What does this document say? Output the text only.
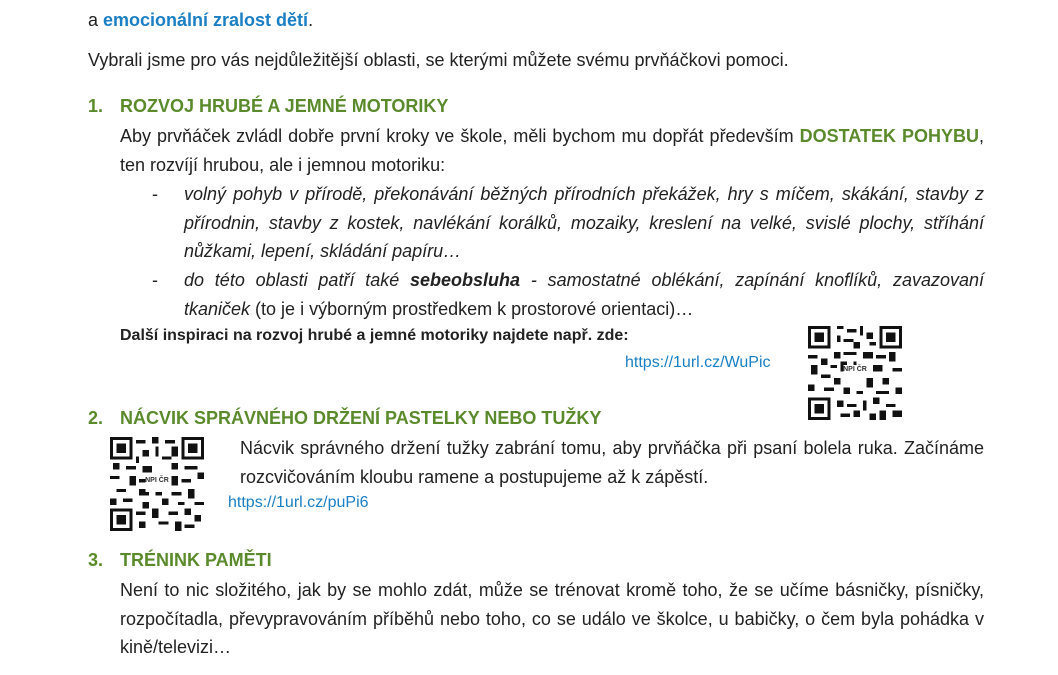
a emocionální zralost dětí.
Vybrali jsme pro vás nejdůležitější oblasti, se kterými můžete svému prvňáčkovi pomoci.
1. ROZVOJ HRUBÉ A JEMNÉ MOTORIKY
Aby prvňáček zvládl dobře první kroky ve škole, měli bychom mu dopřát především DOSTATEK POHYBU, ten rozvíjí hrubou, ale i jemnou motoriku:
- volný pohyb v přírodě, překonávání běžných přírodních překážek, hry s míčem, skákání, stavby z přírodnin, stavby z kostek, navlékání korálků, mozaiky, kreslení na velké, svislé plochy, stříhání nůžkami, lepení, skládání papíru…
- do této oblasti patří také sebeobsluha - samostatné oblékání, zapínání knoflíků, zavazovaní tkaniček (to je i výborným prostředkem k prostorové orientaci)…
Další inspiraci na rozvoj hrubé a jemné motoriky najdete např. zde:
https://1url.cz/WuPic	NPI ČR
2. NÁCVIK SPRÁVNÉHO DRŽENÍ PASTELKY NEBO TUŽKY
NPI ČR
Nácvik správného držení tužky zabrání tomu, aby prvňáčka při psaní bolela ruka. Začínáme rozcvičováním kloubu ramene a postupujeme až k zápěstí.
https://1url.cz/puPi6
3. TRÉNINK PAMĚTI
Není to nic složitého, jak by se mohlo zdát, může se trénovat kromě toho, že se učíme básničky, písničky, rozpočítadla, převypravováním příběhů nebo toho, co se událo ve školce, u babičky, o čem byla pohádka v kině/televizi…
